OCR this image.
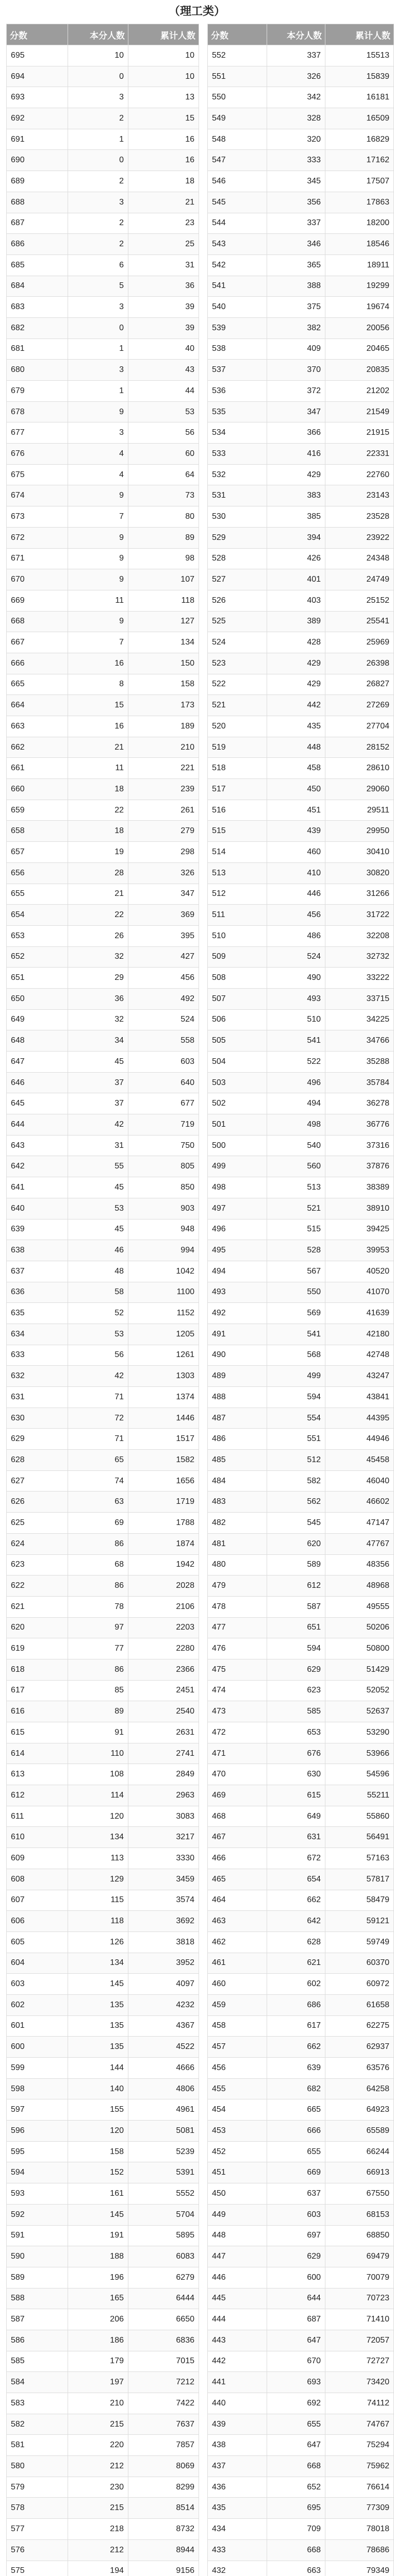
（理工类）
分数	本分人数	累计人数
695	10	10
694	0	10
693	3	13
692	2	15
691	1	16
690	0	16
689	2	18
688	3	21
687	2	23
686	2	25
685	6	31
684	5	36
683	3	39
682	0	39
681	1	40
680	3	43
679	1	44
678	9	53
677	3	56
676	4	60
675	4	64
674	9	73
673	7	80
672	9	89
671	9	98
670	9	107
669	11	118
668	9	127
667	7	134
666	16	150
665	8	158
664	15	173
663	16	189
662	21	210
661	11	221
660	18	239
659	22	261
658	18	279
657	19	298
656	28	326
655	21	347
654	22	369
653	26	395
652	32	427
651	29	456
650	36	492
649	32	524
648	34	558
647	45	603
646	37	640
645	37	677
644	42	719
643	31	750
642	55	805
641	45	850
640	53	903
639	45	948
638	46	994
637	48	1042
636	58	1100
635	52	1152
634	53	1205
633	56	1261
632	42	1303
631	71	1374
630	72	1446
629	71	1517
628	65	1582
627	74	1656
626	63	1719
625	69	1788
624	86	1874
623	68	1942
622	86	2028
621	78	2106
620	97	2203
619	77	2280
618	86	2366
617	85	2451
616	89	2540
615	91	2631
614	110	2741
613	108	2849
612	114	2963
611	120	3083
610	134	3217
609	113	3330
608	129	3459
607	115	3574
606	118	3692
605	126	3818
604	134	3952
603	145	4097
602	135	4232
601	135	4367
600	135	4522
599	144	4666
598	140	4806
597	155	4961
596	120	5081
595	158	5239
594	152	5391
593	161	5552
592	145	5704
591	191	5895
590	188	6083
589	196	6279
588	165	6444
587	206	6650
586	186	6836
585	179	7015
584	197	7212
583	210	7422
582	215	7637
581	220	7857
580	212	8069
579	230	8299
578	215	8514
577	218	8732
576	212	8944
575	194	9156

分数	本分人数	累计人数
552	337	15513
551	326	15839
550	342	16181
549	328	16509
548	320	16829
547	333	17162
546	345	17507
545	356	17863
544	337	18200
543	346	18546
542	365	18911
541	388	19299
540	375	19674
539	382	20056
538	409	20465
537	370	20835
536	372	21202
535	347	21549
534	366	21915
533	416	22331
532	429	22760
531	383	23143
530	385	23528
529	394	23922
528	426	24348
527	401	24749
526	403	25152
525	389	25541
524	428	25969
523	429	26398
522	429	26827
521	442	27269
520	435	27704
519	448	28152
518	458	28610
517	450	29060
516	451	29511
515	439	29950
514	460	30410
513	410	30820
512	446	31266
511	456	31722
510	486	32208
509	524	32732
508	490	33222
507	493	33715
506	510	34225
505	541	34766
504	522	35288
503	496	35784
502	494	36278
501	498	36776
500	540	37316
499	560	37876
498	513	38389
497	521	38910
496	515	39425
495	528	39953
494	567	40520
493	550	41070
492	569	41639
491	541	42180
490	568	42748
489	499	43247
488	594	43841
487	554	44395
486	551	44946
485	512	45458
484	582	46040
483	562	46602
482	545	47147
481	620	47767
480	589	48356
479	612	48968
478	587	49555
477	651	50206
476	594	50800
475	629	51429
474	623	52052
473	585	52637
472	653	53290
471	676	53966
470	630	54596
469	615	55211
468	649	55860
467	631	56491
466	672	57163
465	654	57817
464	662	58479
463	642	59121
462	628	59749
461	621	60370
460	602	60972
459	686	61658
458	617	62275
457	662	62937
456	639	63576
455	682	64258
454	665	64923
453	666	65589
452	655	66244
451	669	66913
450	637	67550
449	603	68153
448	697	68850
447	629	69479
446	600	70079
445	644	70723
444	687	71410
443	647	72057
442	670	72727
441	693	73420
440	692	74112
439	655	74767
438	647	75294
437	668	75962
436	652	76614
435	695	77309
434	709	78018
433	668	78686
432	663	79349
